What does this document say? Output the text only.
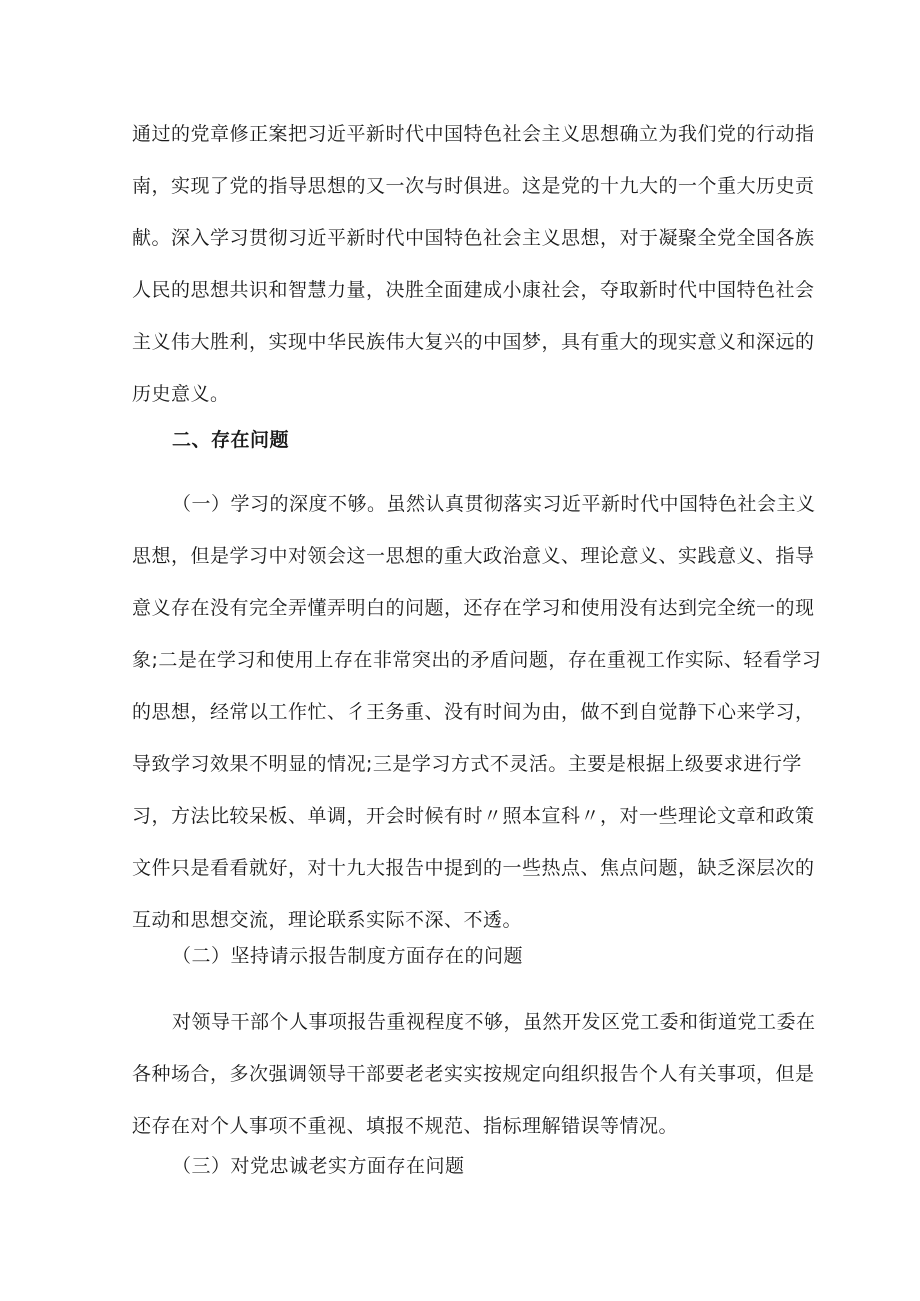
通过的党章修正案把习近平新时代中国特色社会主义思想确立为我们党的行动指
南，实现了党的指导思想的又一次与时俱进。这是党的十九大的一个重大历史贡
献。深入学习贯彻习近平新时代中国特色社会主义思想，对于凝聚全党全国各族
人民的思想共识和智慧力量，决胜全面建成小康社会，夺取新时代中国特色社会
主义伟大胜利，实现中华民族伟大复兴的中国梦，具有重大的现实意义和深远的
历史意义。
二、存在问题
（一）学习的深度不够。虽然认真贯彻落实习近平新时代中国特色社会主义
思想，但是学习中对领会这一思想的重大政治意义、理论意义、实践意义、指导
意义存在没有完全弄懂弄明白的问题，还存在学习和使用没有达到完全统一的现
象;二是在学习和使用上存在非常突出的矛盾问题，存在重视工作实际、轻看学习
的思想，经常以工作忙、彳王务重、没有时间为由，做不到自觉静下心来学习，
导致学习效果不明显的情况;三是学习方式不灵活。主要是根据上级要求进行学
习，方法比较呆板、单调，开会时候有时〃照本宣科〃，对一些理论文章和政策
文件只是看看就好，对十九大报告中提到的一些热点、焦点问题，缺乏深层次的
互动和思想交流，理论联系实际不深、不透。
（二）坚持请示报告制度方面存在的问题
对领导干部个人事项报告重视程度不够，虽然开发区党工委和街道党工委在
各种场合，多次强调领导干部要老老实实按规定向组织报告个人有关事项，但是
还存在对个人事项不重视、填报不规范、指标理解错误等情况。
（三）对党忠诚老实方面存在问题
